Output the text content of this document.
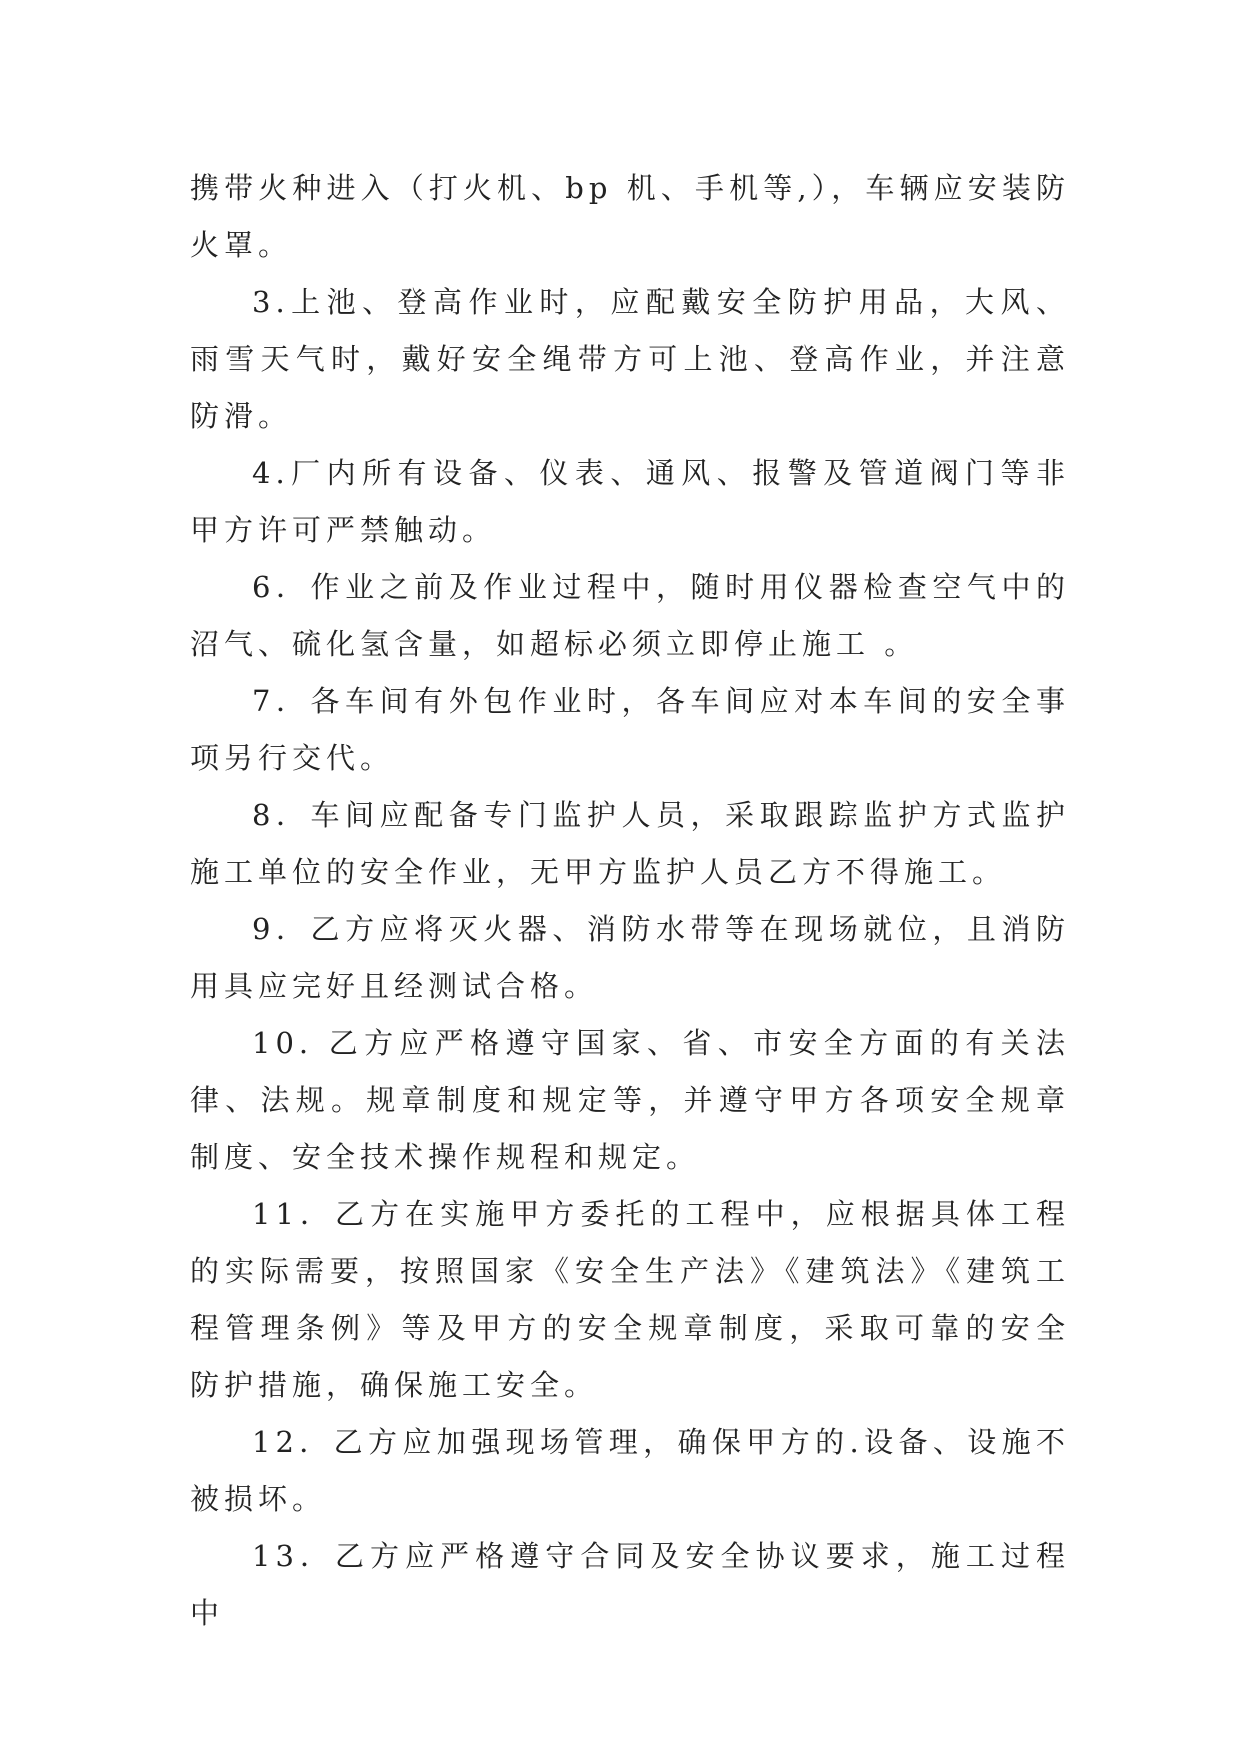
携带火种进入（打火机、bp 机、手机等,），车辆应安装防火罩。

3.上池、登高作业时，应配戴安全防护用品，大风、雨雪天气时，戴好安全绳带方可上池、登高作业，并注意防滑。

4.厂内所有设备、仪表、通风、报警及管道阀门等非甲方许可严禁触动。

6．作业之前及作业过程中，随时用仪器检查空气中的沼气、硫化氢含量，如超标必须立即停止施工 。

7．各车间有外包作业时，各车间应对本车间的安全事项另行交代。

8．车间应配备专门监护人员，采取跟踪监护方式监护施工单位的安全作业，无甲方监护人员乙方不得施工。

9．乙方应将灭火器、消防水带等在现场就位，且消防用具应完好且经测试合格。

10. 乙方应严格遵守国家、省、市安全方面的有关法律、法规。规章制度和规定等，并遵守甲方各项安全规章制度、安全技术操作规程和规定。

11．乙方在实施甲方委托的工程中，应根据具体工程的实际需要，按照国家《安全生产法》《建筑法》《建筑工程管理条例》等及甲方的安全规章制度，采取可靠的安全防护措施，确保施工安全。

12．乙方应加强现场管理，确保甲方的.设备、设施不被损坏。

13．乙方应严格遵守合同及安全协议要求，施工过程中
